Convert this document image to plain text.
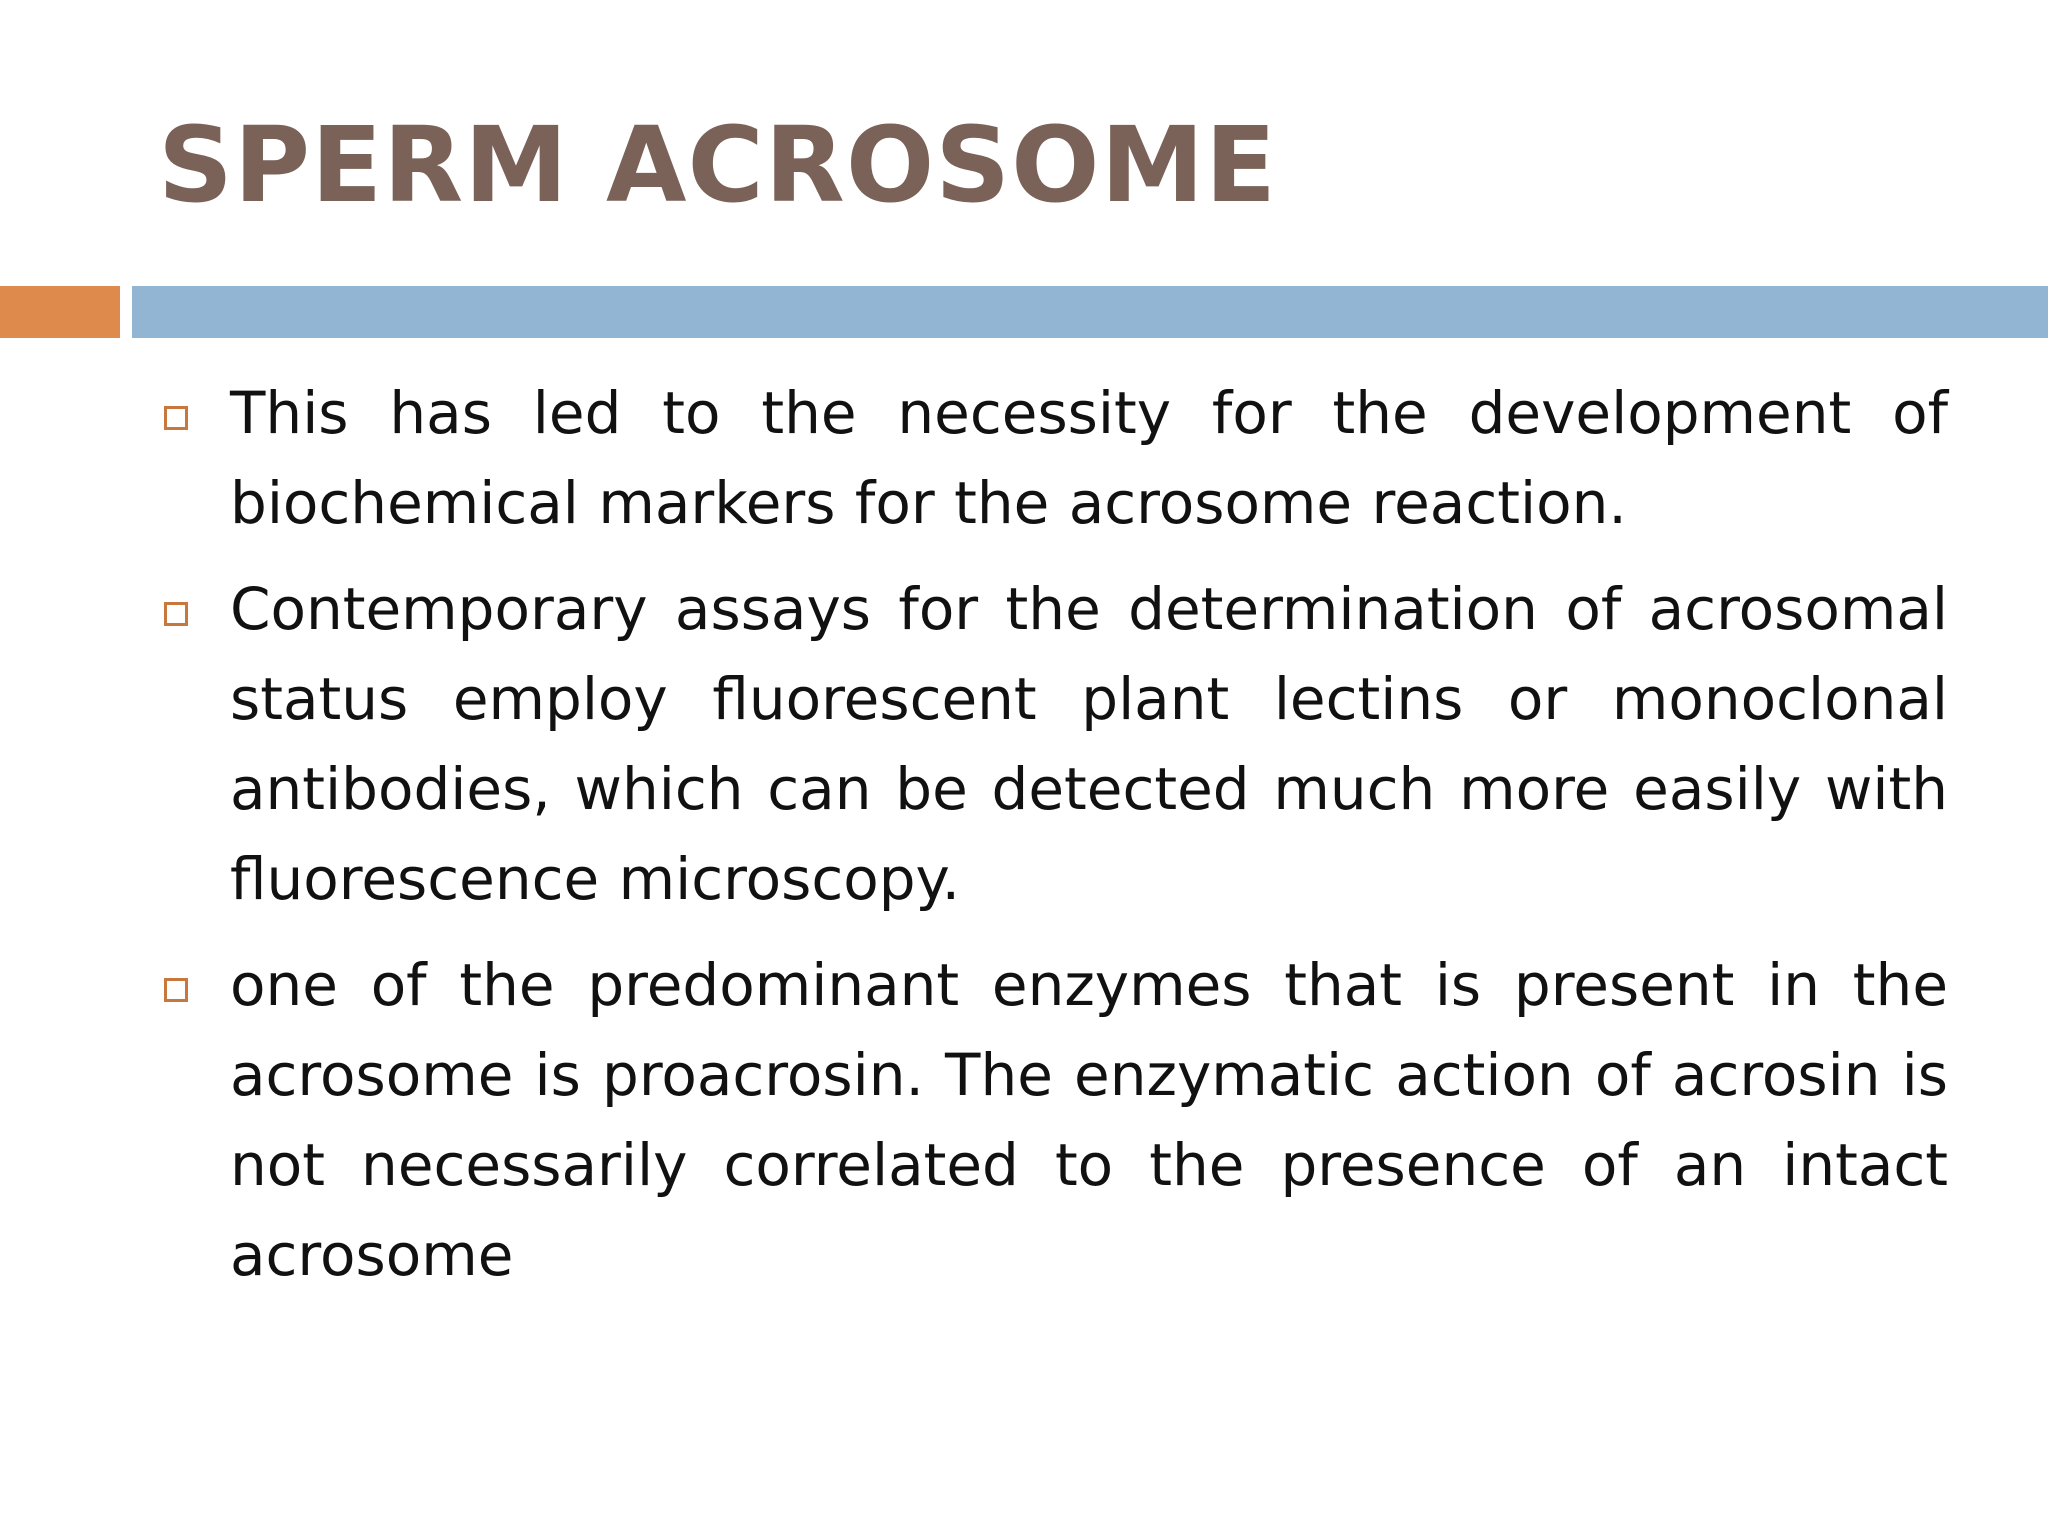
SPERM ACROSOME
This has led to the necessity for the development of biochemical markers for the acrosome reaction.
Contemporary assays for the determination of acrosomal status employ fluorescent plant lectins or monoclonal antibodies, which can be detected much more easily with fluorescence microscopy.
one of the predominant enzymes that is present in the acrosome is proacrosin. The enzymatic action of acrosin is not necessarily correlated to the presence of an intact acrosome
